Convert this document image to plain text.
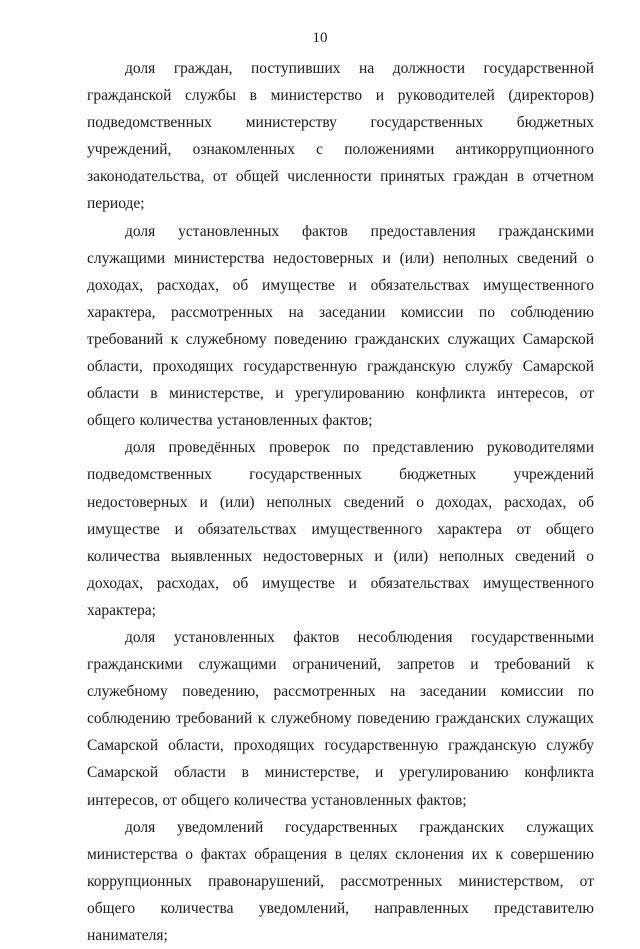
10

доля граждан, поступивших на должности государственной гражданской службы в министерство и руководителей (директоров) подведомственных министерству государственных бюджетных учреждений, ознакомленных с положениями антикоррупционного законодательства, от общей численности принятых граждан в отчетном периоде;

доля установленных фактов предоставления гражданскими служащими министерства недостоверных и (или) неполных сведений о доходах, расходах, об имуществе и обязательствах имущественного характера, рассмотренных на заседании комиссии по соблюдению требований к служебному поведению гражданских служащих Самарской области, проходящих государственную гражданскую службу Самарской области в министерстве, и урегулированию конфликта интересов, от общего количества установленных фактов;

доля проведённых проверок по представлению руководителями подведомственных государственных бюджетных учреждений недостоверных и (или) неполных сведений о доходах, расходах, об имуществе и обязательствах имущественного характера от общего количества выявленных недостоверных и (или) неполных сведений о доходах, расходах, об имуществе и обязательствах имущественного характера;

доля установленных фактов несоблюдения государственными гражданскими служащими ограничений, запретов и требований к служебному поведению, рассмотренных на заседании комиссии по соблюдению требований к служебному поведению гражданских служащих Самарской области, проходящих государственную гражданскую службу Самарской области в министерстве, и урегулированию конфликта интересов, от общего количества установленных фактов;

доля уведомлений государственных гражданских служащих министерства о фактах обращения в целях склонения их к совершению коррупционных правонарушений, рассмотренных министерством, от общего количества уведомлений, направленных представителю нанимателя;
